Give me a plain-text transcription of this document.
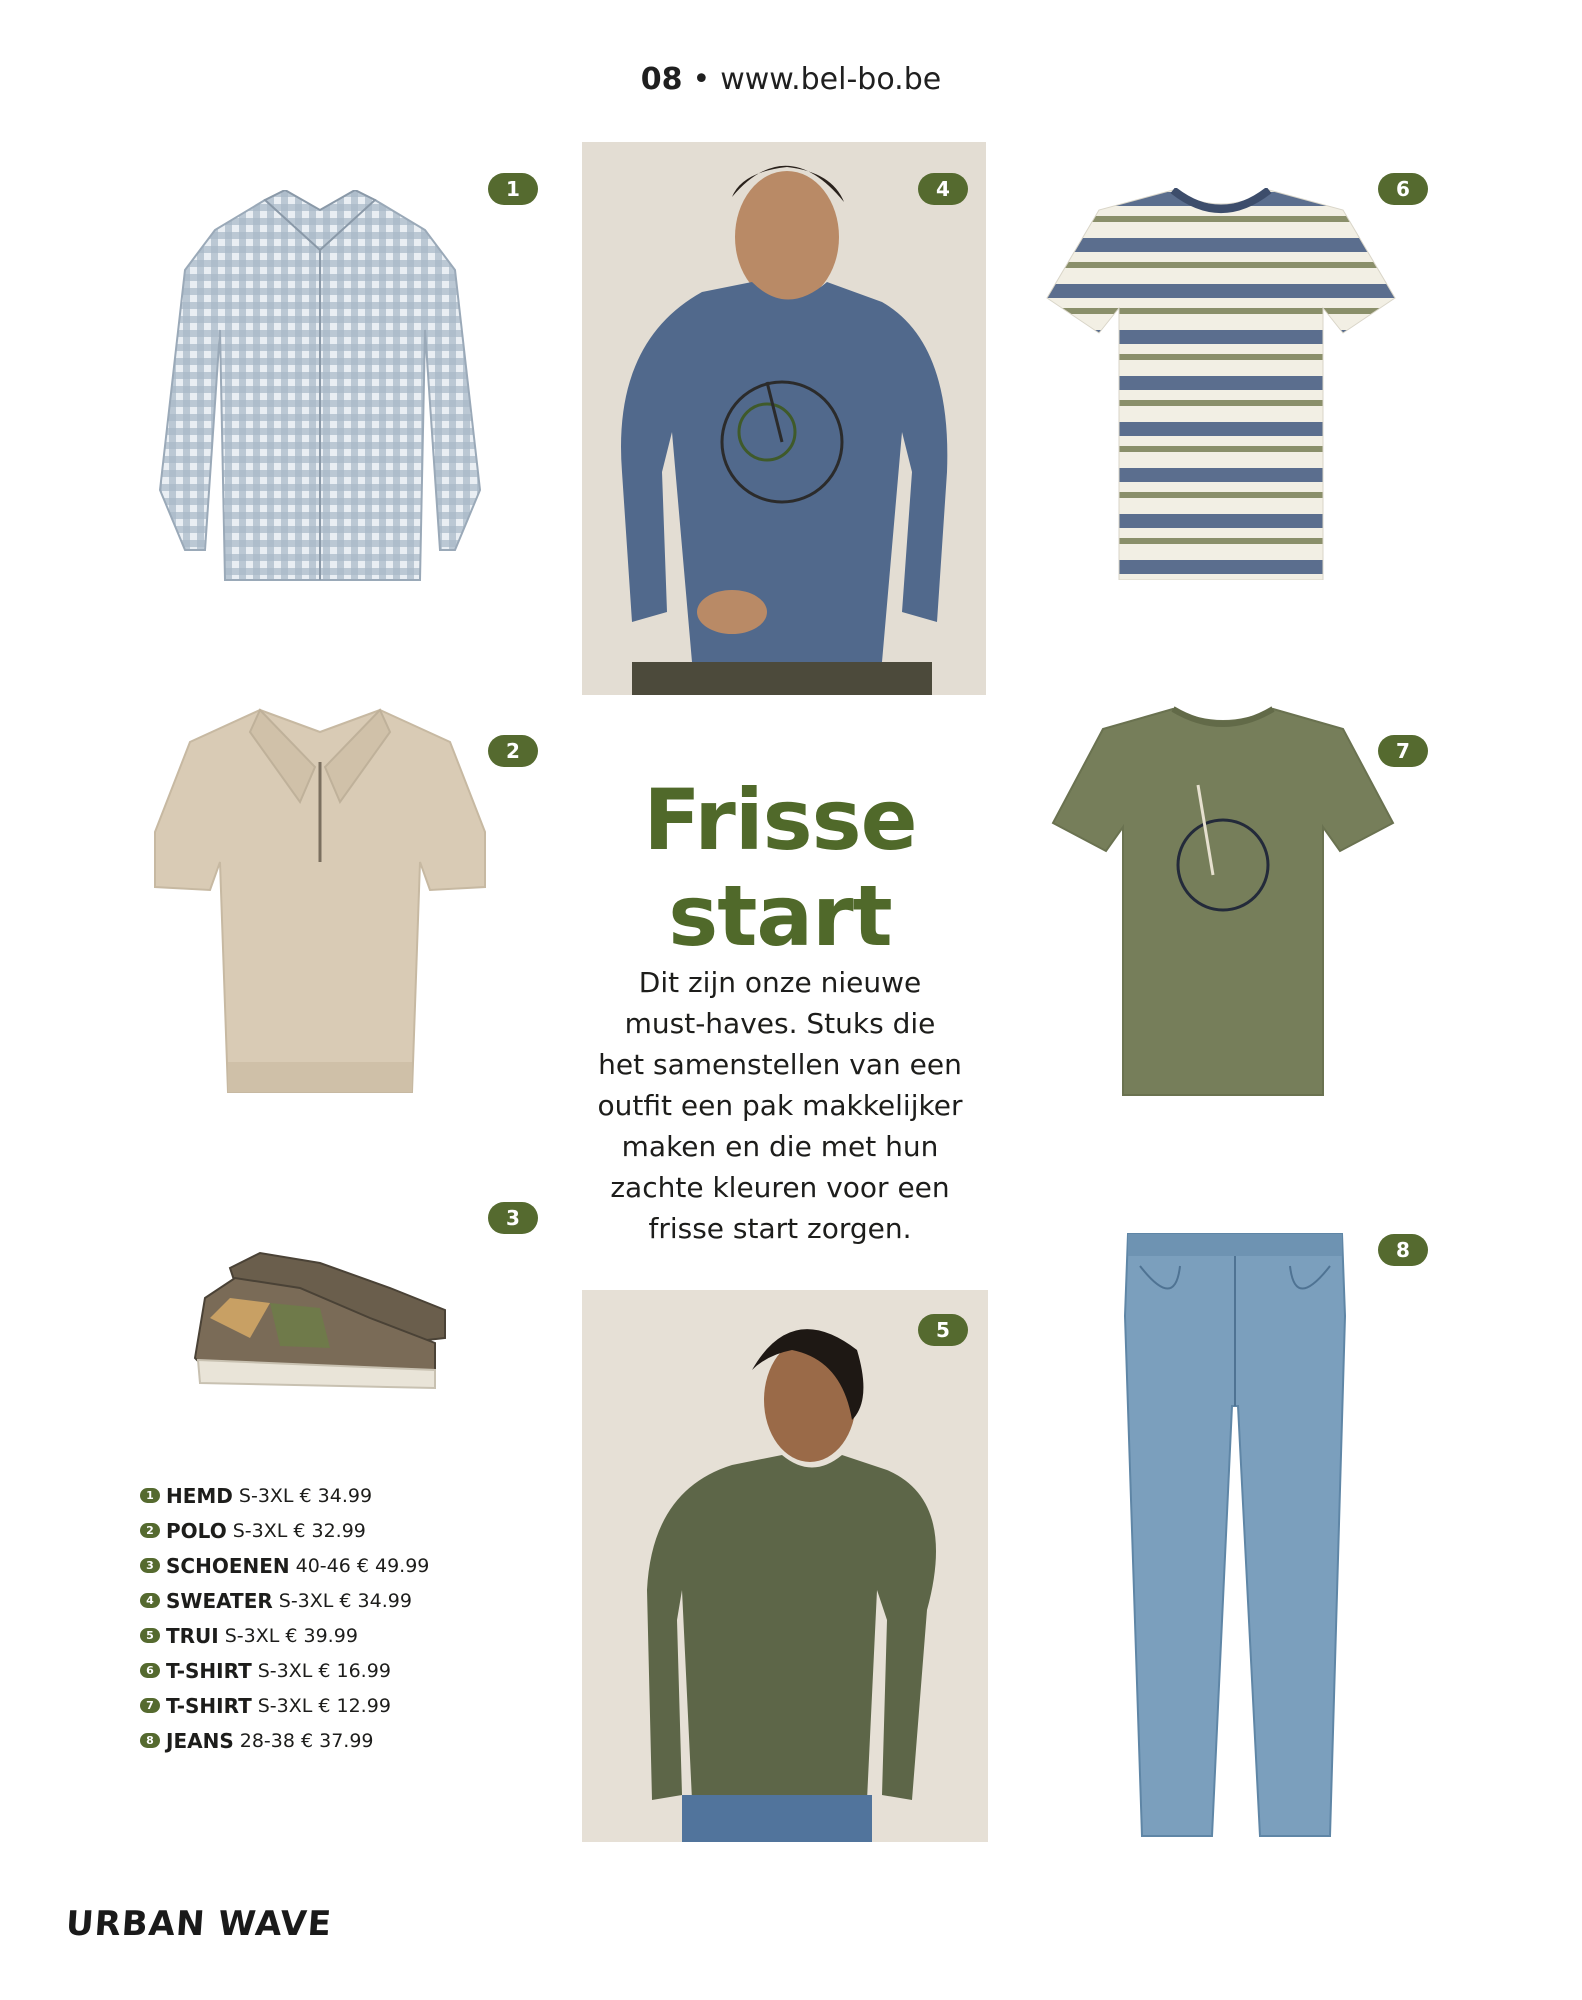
08 • www.bel-bo.be
1	4	6
2
Frisse
start
Dit zijn onze nieuwe
must-haves. Stuks die
het samenstellen van een
outfit een pak makkelijker
maken en die met hun
zachte kleuren voor een
frisse start zorgen.
7
3
8
5
1 HEMD S-3XL € 34.99
2 POLO S-3XL € 32.99
3 SCHOENEN 40-46 € 49.99
4 SWEATER S-3XL € 34.99
5 TRUI S-3XL € 39.99
6 T-SHIRT S-3XL € 16.99
7 T-SHIRT S-3XL € 12.99
8 JEANS 28-38 € 37.99
URBAN WAVE
